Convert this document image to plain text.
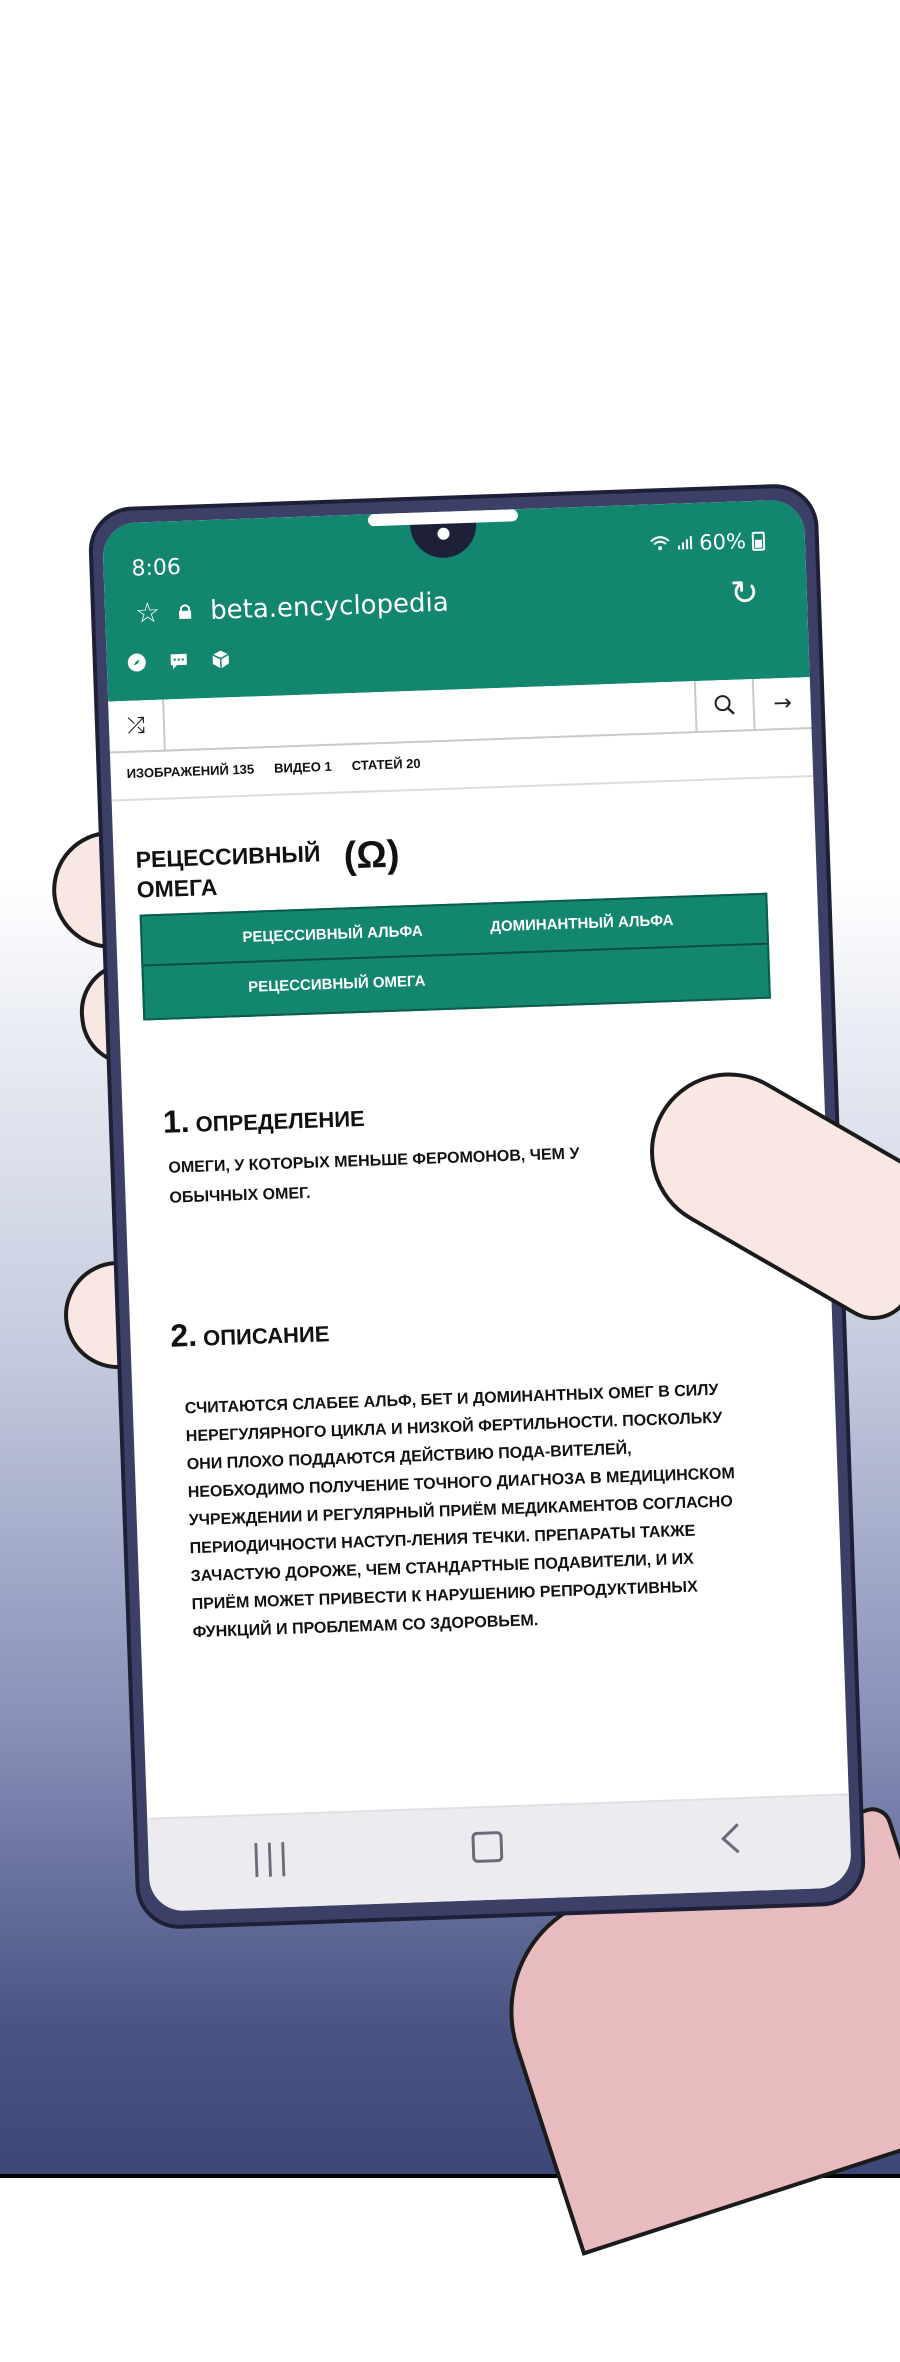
8:06
60%
☆ beta.encyclopedia	↻
⤮
→
ИЗОБРАЖЕНИЙ 135 ВИДЕО 1 СТАТЕЙ 20
РЕЦЕССИВНЫЙ ОМЕГА
(Ω)
РЕЦЕССИВНЫЙ АЛЬФА	ДОМИНАНТНЫЙ АЛЬФА
РЕЦЕССИВНЫЙ ОМЕГА
1. ОПРЕДЕЛЕНИЕ
ОМЕГИ, У КОТОРЫХ МЕНЬШЕ ФЕРОМОНОВ, ЧЕМ У ОБЫЧНЫХ ОМЕГ.
2. ОПИСАНИЕ
СЧИТАЮТСЯ СЛАБЕЕ АЛЬФ, БЕТ И ДОМИНАНТНЫХ ОМЕГ В СИЛУ НЕРЕГУЛЯРНОГО ЦИКЛА И НИЗКОЙ ФЕРТИЛЬНОСТИ. ПОСКОЛЬКУ ОНИ ПЛОХО ПОДДАЮТСЯ ДЕЙСТВИЮ ПОДА-ВИТЕЛЕЙ, НЕОБХОДИМО ПОЛУЧЕНИЕ ТОЧНОГО ДИАГНОЗА В МЕДИЦИНСКОМ УЧРЕЖДЕНИИ И РЕГУЛЯРНЫЙ ПРИЁМ МЕДИКАМЕНТОВ СОГЛАСНО ПЕРИОДИЧНОСТИ НАСТУП-ЛЕНИЯ ТЕЧКИ. ПРЕПАРАТЫ ТАКЖЕ ЗАЧАСТУЮ ДОРОЖЕ, ЧЕМ СТАНДАРТНЫЕ ПОДАВИТЕЛИ, И ИХ ПРИЁМ МОЖЕТ ПРИВЕСТИ К НАРУШЕНИЮ РЕПРОДУКТИВНЫХ ФУНКЦИЙ И ПРОБЛЕМАМ СО ЗДОРОВЬЕМ.
|||
